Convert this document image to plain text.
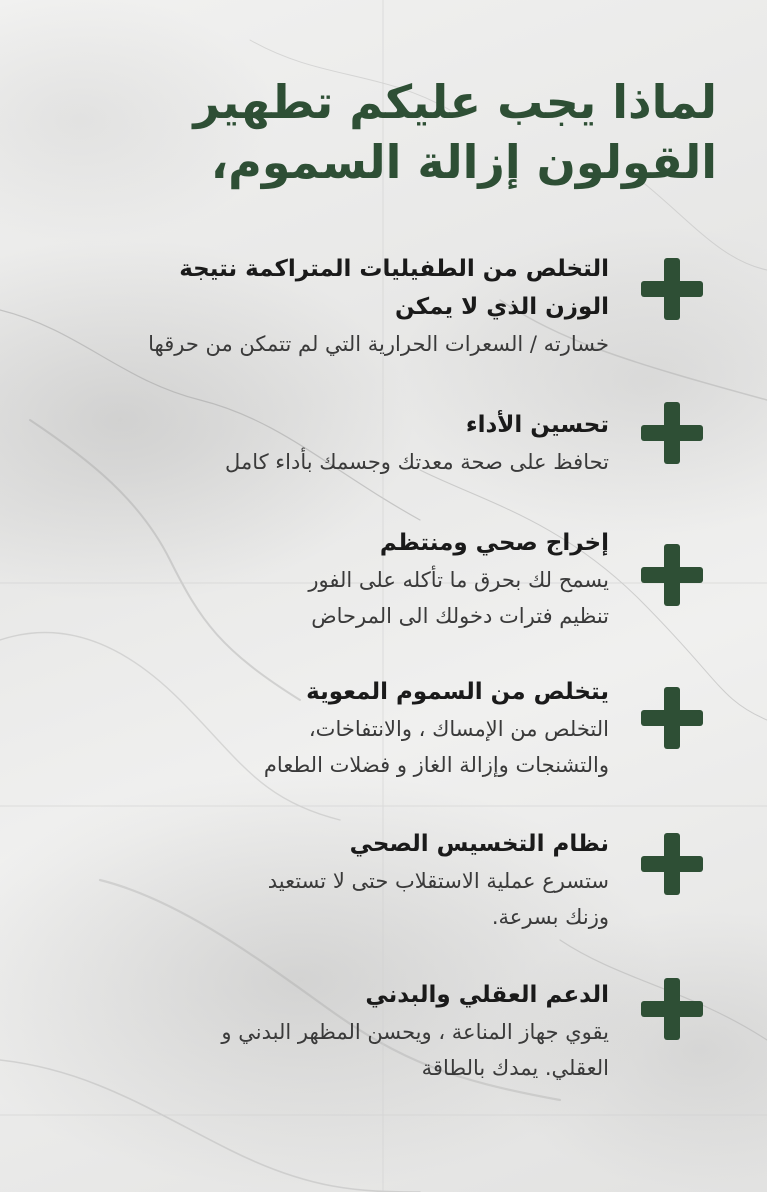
لماذا يجب عليكم تطهير
القولون إزالة السموم،
التخلص من الطفيليات المتراكمة نتيجة
الوزن الذي لا يمكن
خسارته / السعرات الحرارية التي لم تتمكن من حرقها
تحسين الأداء
تحافظ على صحة معدتك وجسمك بأداء كامل
إخراج صحي ومنتظم
يسمح لك بحرق ما تأكله على الفور
تنظيم فترات دخولك الى المرحاض
يتخلص من السموم المعوية
التخلص من الإمساك ، والانتفاخات،
والتشنجات وإزالة الغاز و فضلات الطعام
نظام التخسيس الصحي
ستسرع عملية الاستقلاب حتى لا تستعيد
وزنك بسرعة.
الدعم العقلي والبدني
يقوي جهاز المناعة ، ويحسن المظهر البدني و
العقلي. يمدك بالطاقة
